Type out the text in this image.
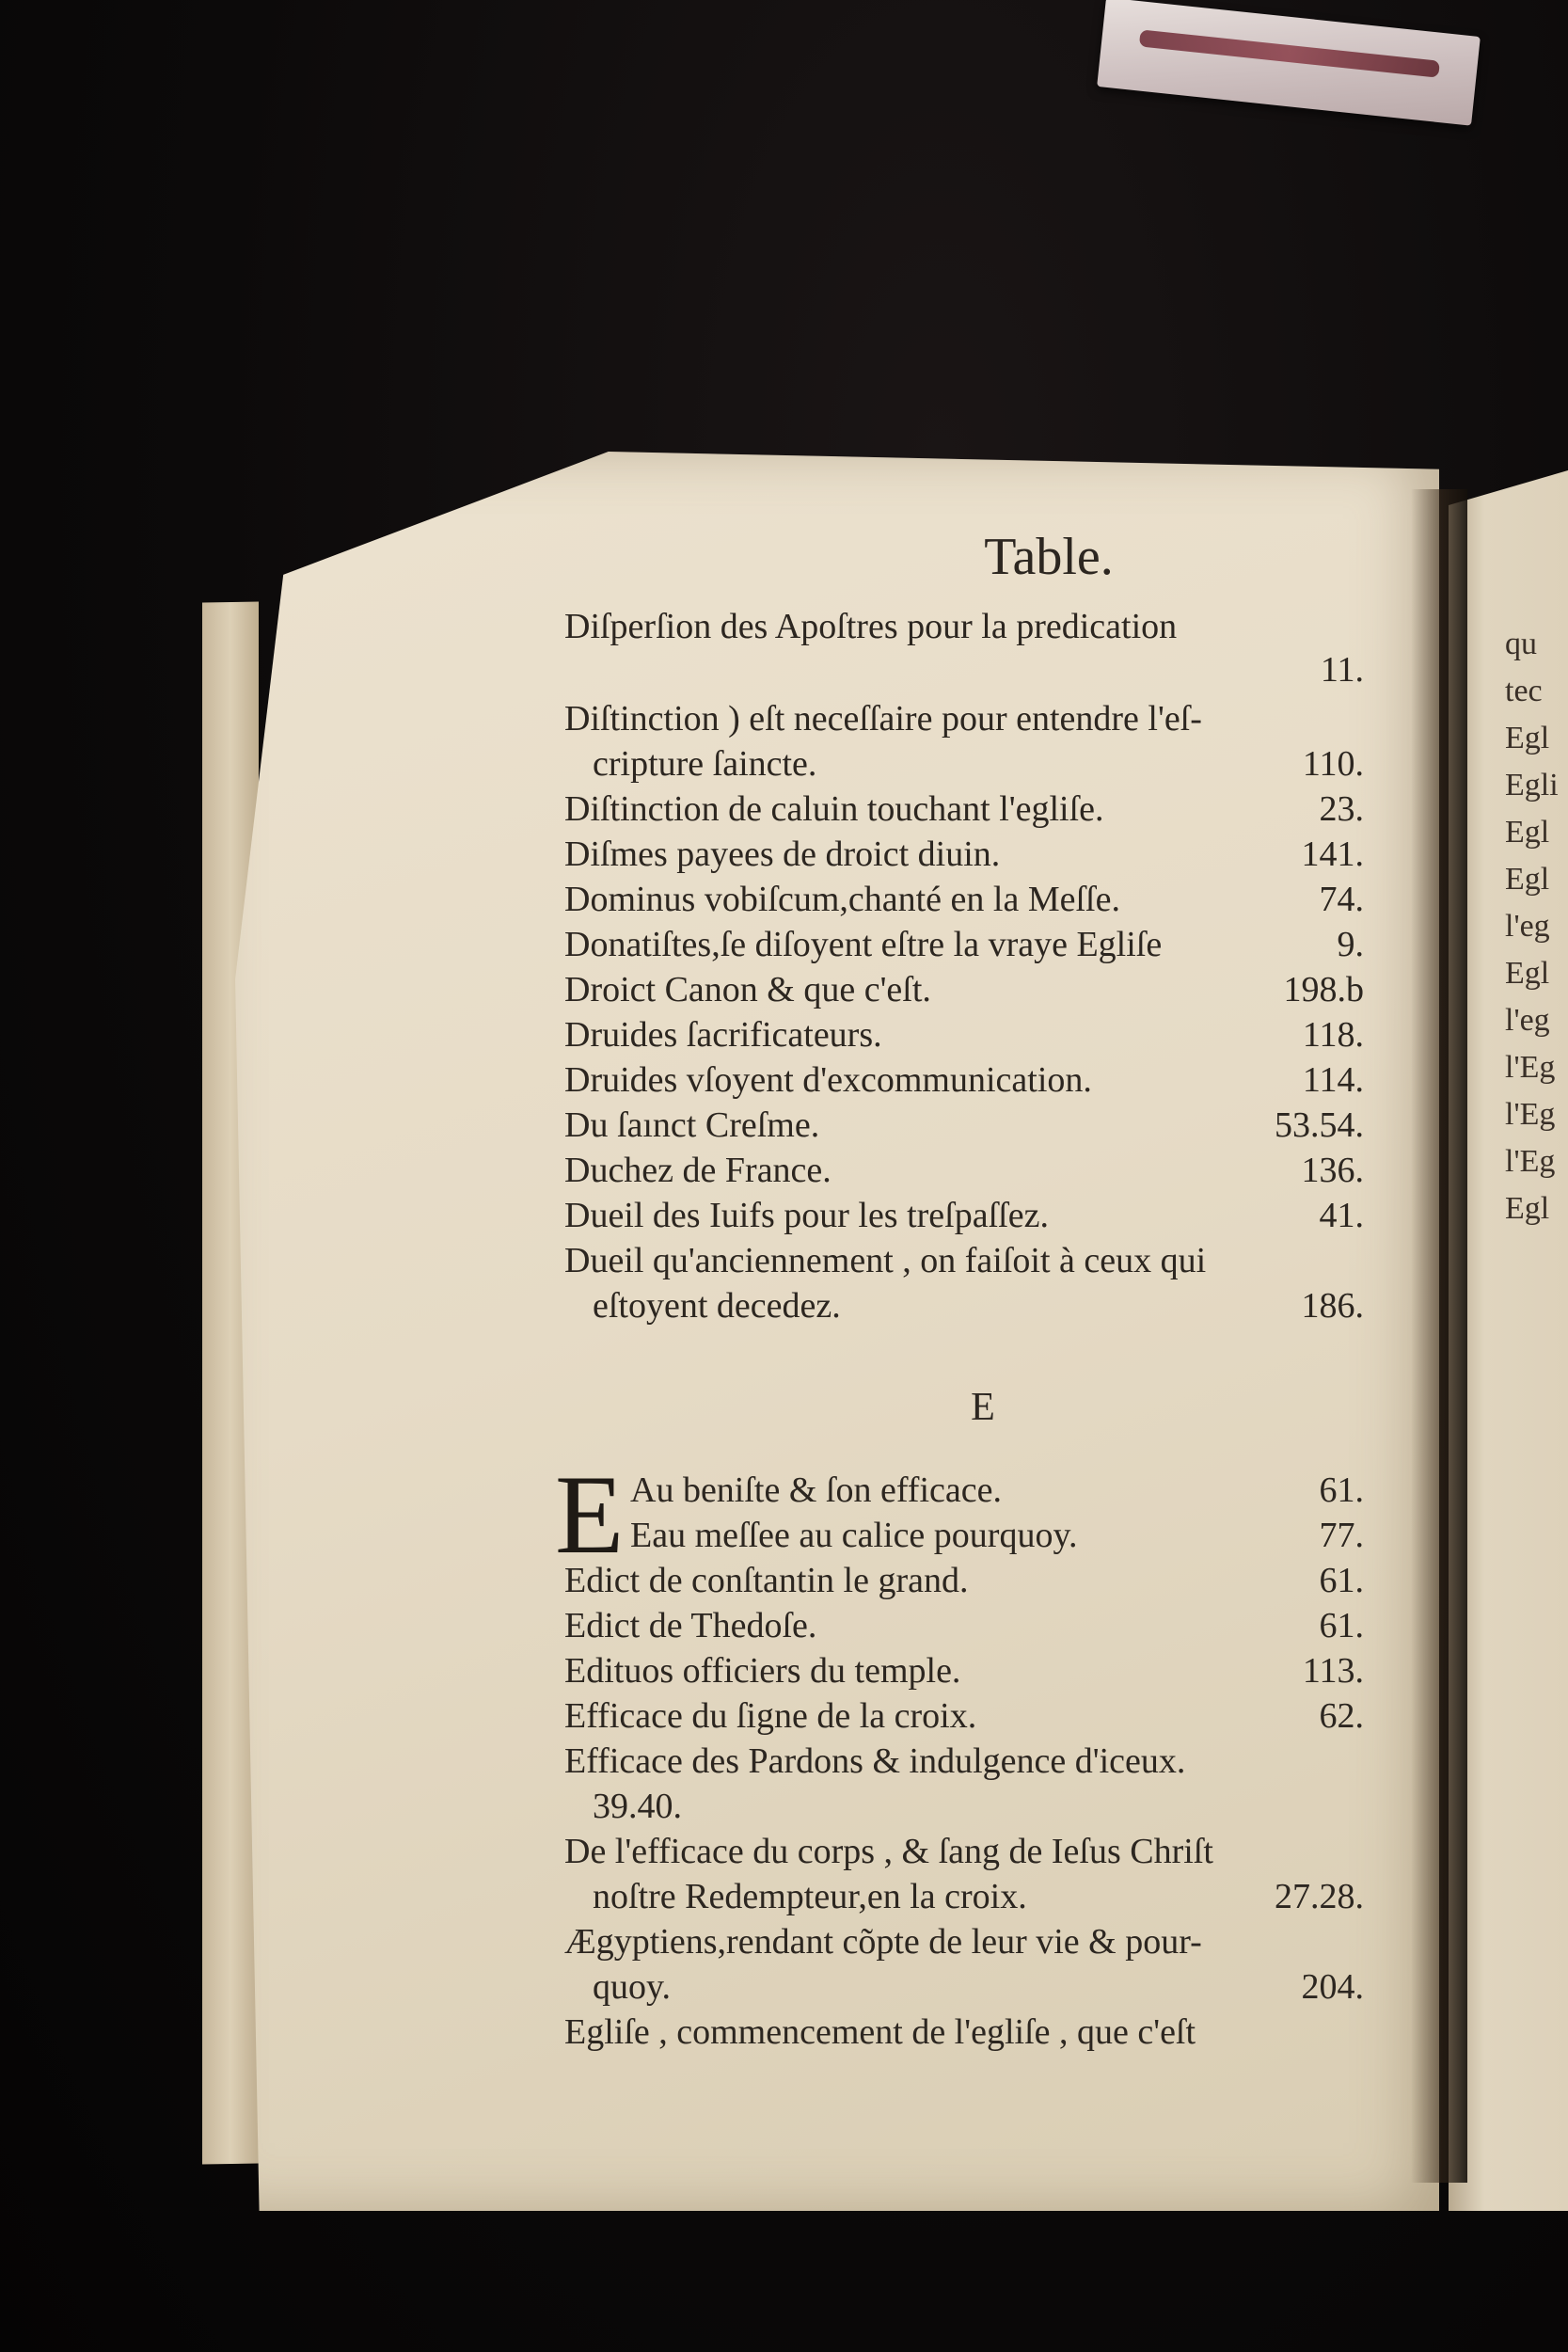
qu
tec
Egl
Egli
Egl
Egl
l'eg
Egl
l'eg
l'Eg
l'Eg
l'Eg
Egl
Table.
Diſperſion des Apoſtres pour la predication
11.
Diſtinction ) eſt neceſſaire pour entendre l'eſ-
cripture ſaincte.	110.
Diſtinction de caluin touchant l'egliſe.	23.
Diſmes payees de droict diuin.	141.
Dominus vobiſcum,chanté en la Meſſe.	74.
Donatiſtes,ſe diſoyent eſtre la vraye Egliſe	9.
Droict Canon & que c'eſt.	198.b
Druides ſacrificateurs.	118.
Druides vſoyent d'excommunication.	114.
Du ſaınct Creſme.	53.54.
Duchez de France.	136.
Dueil des Iuifs pour les treſpaſſez.	41.
Dueil qu'anciennement , on faiſoit à ceux qui
eſtoyent decedez.	186.
E
E Au beniſte & ſon efficace.	61.
Eau meſſee au calice pourquoy.	77.
Edict de conſtantin le grand.	61.
Edict de Thedoſe.	61.
Edituos officiers du temple.	113.
Efficace du ſigne de la croix.	62.
Efficace des Pardons & indulgence d'iceux.
39.40.
De l'efficace du corps , & ſang de Ieſus Chriſt
noſtre Redempteur,en la croix.	27.28.
Ægyptiens,rendant cõpte de leur vie & pour-
quoy.	204.
Egliſe , commencement de l'egliſe , que c'eſt
